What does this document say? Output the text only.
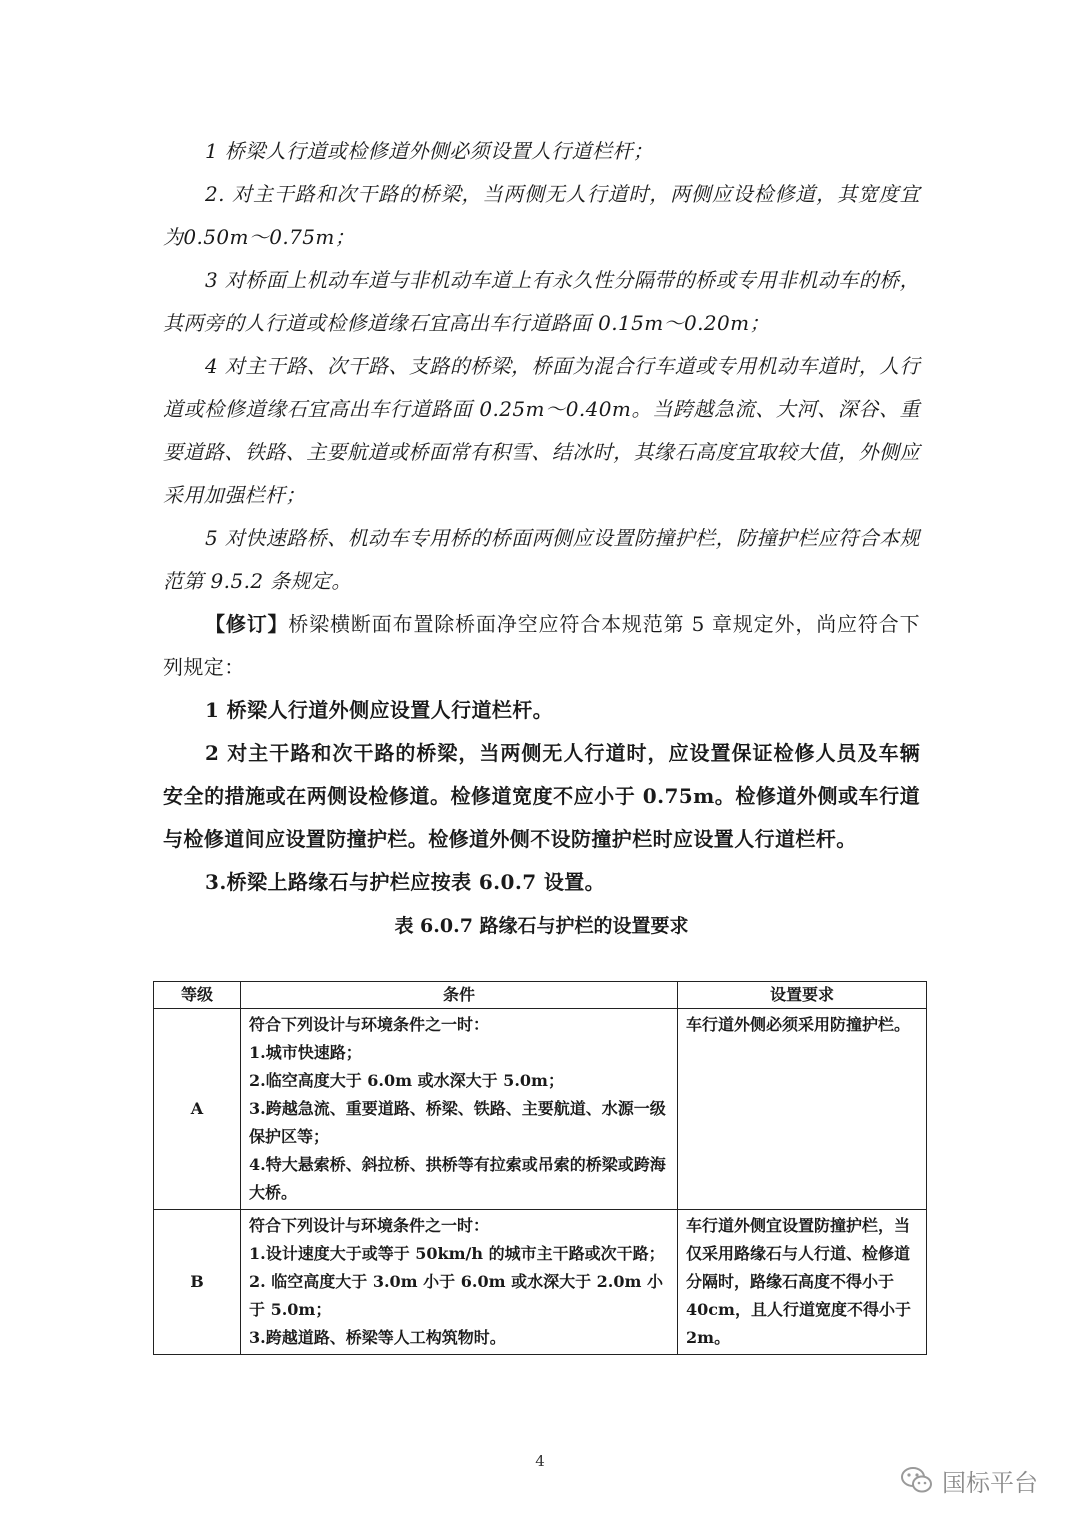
1 桥梁人行道或检修道外侧必须设置人行道栏杆；

2. 对主干路和次干路的桥梁，当两侧无人行道时，两侧应设检修道，其宽度宜为0.50m～0.75m；

3 对桥面上机动车道与非机动车道上有永久性分隔带的桥或专用非机动车的桥，其两旁的人行道或检修道缘石宜高出车行道路面 0.15m～0.20m；

4 对主干路、次干路、支路的桥梁，桥面为混合行车道或专用机动车道时，人行道或检修道缘石宜高出车行道路面 0.25m～0.40m。当跨越急流、大河、深谷、重要道路、铁路、主要航道或桥面常有积雪、结冰时，其缘石高度宜取较大值，外侧应采用加强栏杆；

5 对快速路桥、机动车专用桥的桥面两侧应设置防撞护栏，防撞护栏应符合本规范第 9.5.2 条规定。

【修订】桥梁横断面布置除桥面净空应符合本规范第 5 章规定外，尚应符合下列规定：

1 桥梁人行道外侧应设置人行道栏杆。

2 对主干路和次干路的桥梁，当两侧无人行道时，应设置保证检修人员及车辆安全的措施或在两侧设检修道。检修道宽度不应小于 0.75m。检修道外侧或车行道与检修道间应设置防撞护栏。检修道外侧不设防撞护栏时应设置人行道栏杆。

3.桥梁上路缘石与护栏应按表 6.0.7 设置。

表 6.0.7 路缘石与护栏的设置要求

等级	条件	设置要求
A	符合下列设计与环境条件之一时：
1.城市快速路；
2.临空高度大于 6.0m 或水深大于 5.0m；
3.跨越急流、重要道路、桥梁、铁路、主要航道、水源一级保护区等；
4.特大悬索桥、斜拉桥、拱桥等有拉索或吊索的桥梁或跨海大桥。	车行道外侧必须采用防撞护栏。
B	符合下列设计与环境条件之一时：
1.设计速度大于或等于 50km/h 的城市主干路或次干路；
2. 临空高度大于 3.0m 小于 6.0m 或水深大于 2.0m 小于 5.0m；
3.跨越道路、桥梁等人工构筑物时。	车行道外侧宜设置防撞护栏，当仅采用路缘石与人行道、检修道分隔时，路缘石高度不得小于 40cm，且人行道宽度不得小于 2m。
4
国标平台
